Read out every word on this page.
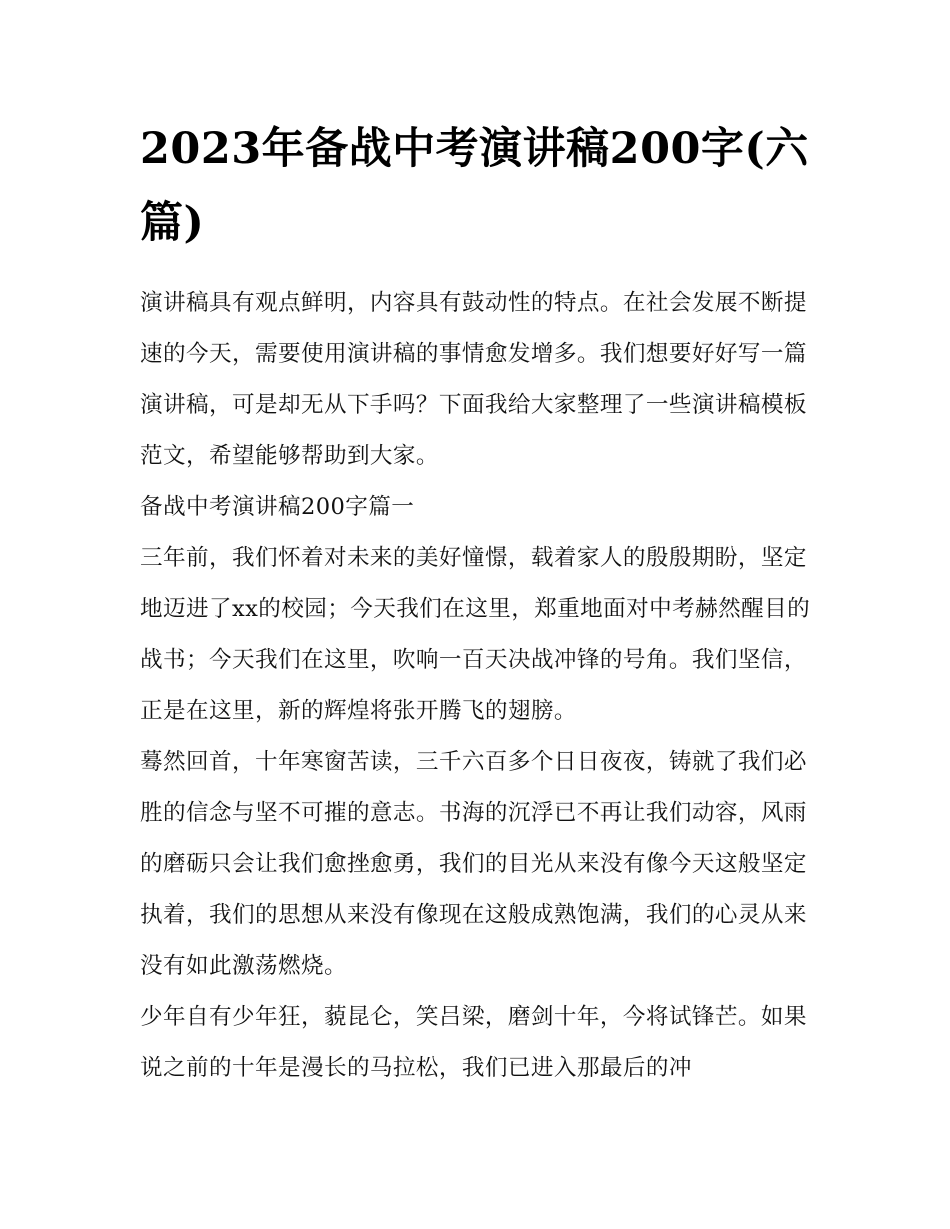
2023年备战中考演讲稿200字(六篇)

演讲稿具有观点鲜明，内容具有鼓动性的特点。在社会发展不断提速的今天，需要使用演讲稿的事情愈发增多。我们想要好好写一篇演讲稿，可是却无从下手吗？下面我给大家整理了一些演讲稿模板范文，希望能够帮助到大家。

备战中考演讲稿200字篇一

三年前，我们怀着对未来的美好憧憬，载着家人的殷殷期盼，坚定地迈进了xx的校园；今天我们在这里，郑重地面对中考赫然醒目的战书；今天我们在这里，吹响一百天决战冲锋的号角。我们坚信，正是在这里，新的辉煌将张开腾飞的翅膀。

蓦然回首，十年寒窗苦读，三千六百多个日日夜夜，铸就了我们必胜的信念与坚不可摧的意志。书海的沉浮已不再让我们动容，风雨的磨砺只会让我们愈挫愈勇，我们的目光从来没有像今天这般坚定执着，我们的思想从来没有像现在这般成熟饱满，我们的心灵从来没有如此激荡燃烧。

少年自有少年狂，藐昆仑，笑吕梁，磨剑十年，今将试锋芒。如果说之前的十年是漫长的马拉松，我们已进入那最后的冲
